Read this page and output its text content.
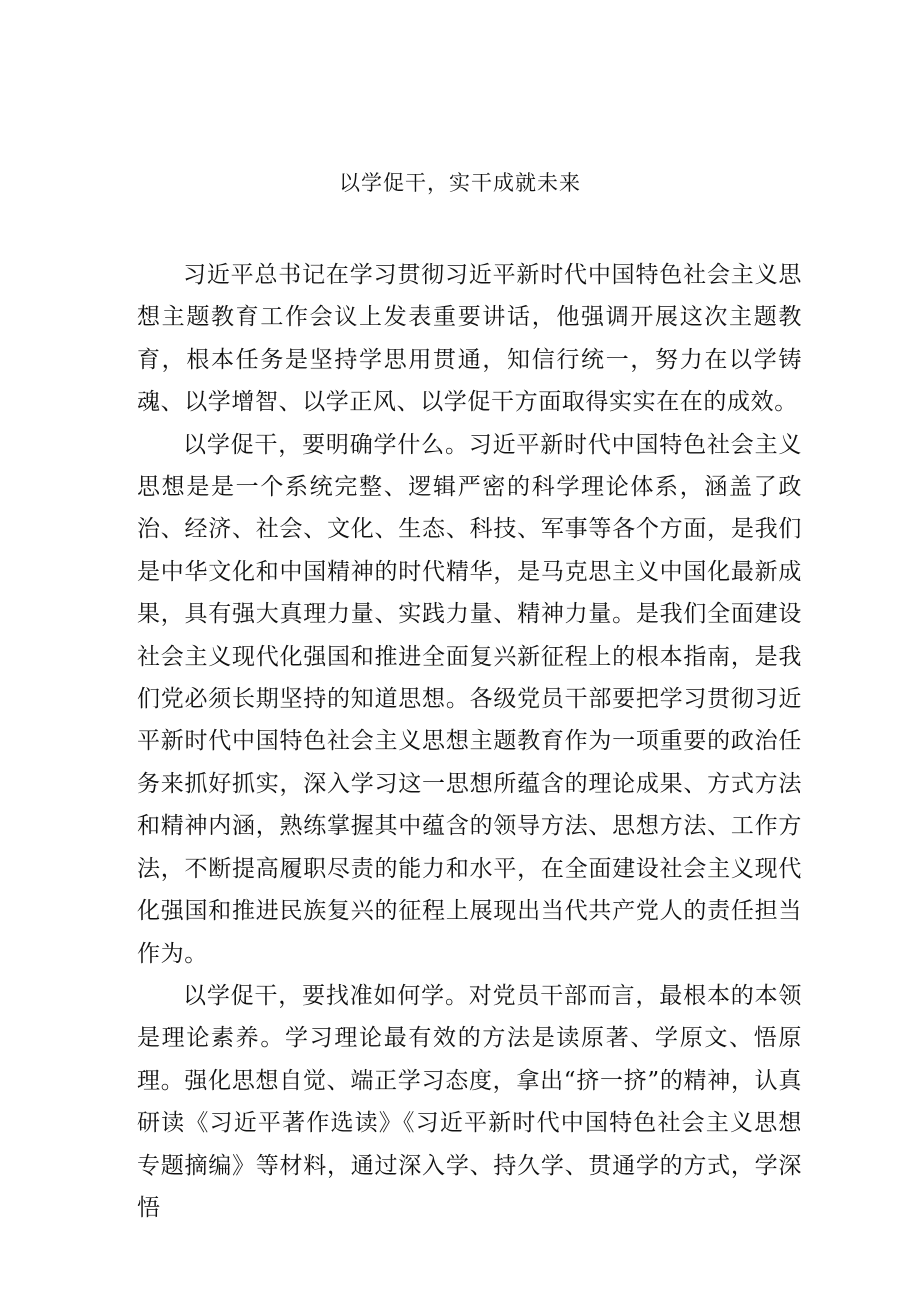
以学促干，实干成就未来

习近平总书记在学习贯彻习近平新时代中国特色社会主义思想主题教育工作会议上发表重要讲话，他强调开展这次主题教育，根本任务是坚持学思用贯通，知信行统一，努力在以学铸魂、以学增智、以学正风、以学促干方面取得实实在在的成效。

以学促干，要明确学什么。习近平新时代中国特色社会主义思想是是一个系统完整、逻辑严密的科学理论体系，涵盖了政治、经济、社会、文化、生态、科技、军事等各个方面，是我们是中华文化和中国精神的时代精华，是马克思主义中国化最新成果，具有强大真理力量、实践力量、精神力量。是我们全面建设社会主义现代化强国和推进全面复兴新征程上的根本指南，是我们党必须长期坚持的知道思想。各级党员干部要把学习贯彻习近平新时代中国特色社会主义思想主题教育作为一项重要的政治任务来抓好抓实，深入学习这一思想所蕴含的理论成果、方式方法和精神内涵，熟练掌握其中蕴含的领导方法、思想方法、工作方法，不断提高履职尽责的能力和水平，在全面建设社会主义现代化强国和推进民族复兴的征程上展现出当代共产党人的责任担当作为。

以学促干，要找准如何学。对党员干部而言，最根本的本领是理论素养。学习理论最有效的方法是读原著、学原文、悟原理。强化思想自觉、端正学习态度，拿出“挤一挤”的精神，认真研读《习近平著作选读》《习近平新时代中国特色社会主义思想专题摘编》等材料，通过深入学、持久学、贯通学的方式，学深悟
